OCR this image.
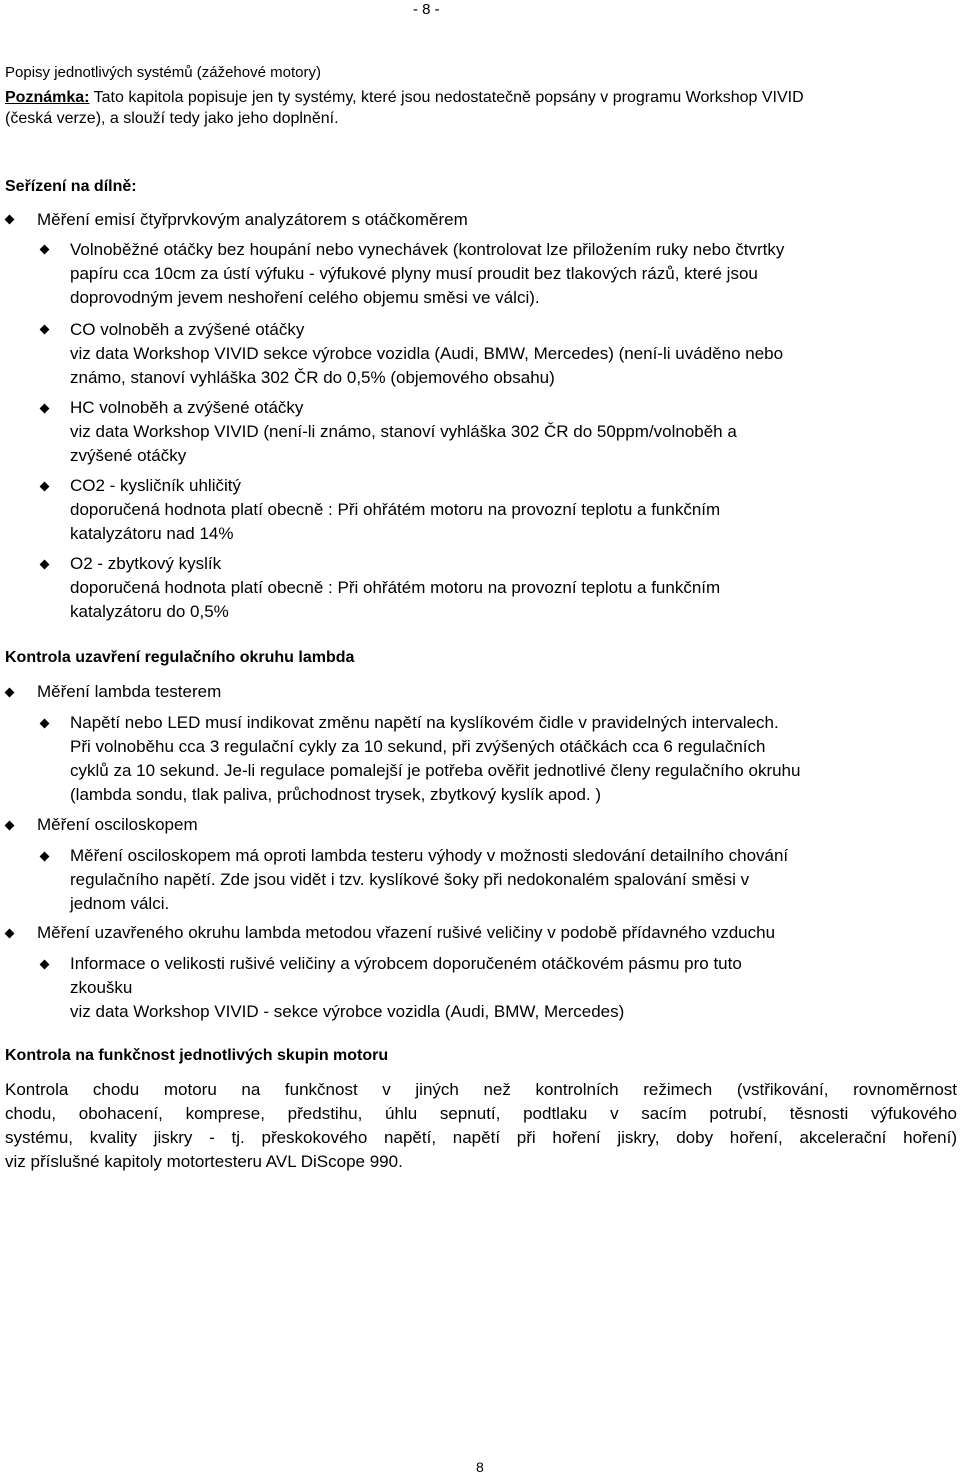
- 8 -
Popisy jednotlivých systémů (zážehové motory)
Poznámka: Tato kapitola popisuje jen ty systémy, které jsou nedostatečně popsány v programu Workshop VIVID
(česká verze), a slouží tedy jako jeho doplnění.
Seřízení na dílně:
Měření emisí čtyřprvkovým analyzátorem s otáčkoměrem
Volnoběžné otáčky bez houpání nebo vynechávek (kontrolovat lze přiložením ruky nebo čtvrtky
papíru cca 10cm za ústí výfuku - výfukové plyny musí proudit bez tlakových rázů, které jsou
doprovodným jevem neshoření celého objemu směsi ve válci).
CO volnoběh a zvýšené otáčky
viz data Workshop VIVID sekce výrobce vozidla (Audi, BMW, Mercedes) (není-li uváděno nebo
známo, stanoví vyhláška 302 ČR do 0,5% (objemového obsahu)
HC volnoběh a zvýšené otáčky
viz data Workshop VIVID (není-li známo, stanoví vyhláška 302 ČR do 50ppm/volnoběh a
zvýšené otáčky
CO2 - kysličník uhličitý
doporučená hodnota platí obecně : Při ohřátém motoru na provozní teplotu a funkčním
katalyzátoru nad 14%
O2 - zbytkový kyslík
doporučená hodnota platí obecně : Při ohřátém motoru na provozní teplotu a funkčním
katalyzátoru do 0,5%
Kontrola uzavření regulačního okruhu lambda
Měření lambda testerem
Napětí nebo LED musí indikovat změnu napětí na kyslíkovém čidle v pravidelných intervalech.
Při volnoběhu cca 3 regulační cykly za 10 sekund, při zvýšených otáčkách cca 6 regulačních
cyklů za 10 sekund. Je-li regulace pomalejší je potřeba ověřit jednotlivé členy regulačního okruhu
(lambda sondu, tlak paliva, průchodnost trysek, zbytkový kyslík apod. )
Měření osciloskopem
Měření osciloskopem má oproti lambda testeru výhody v možnosti sledování detailního chování
regulačního napětí. Zde jsou vidět i tzv. kyslíkové šoky při nedokonalém spalování směsi v
jednom válci.
Měření uzavřeného okruhu lambda metodou vřazení rušivé veličiny v podobě přídavného vzduchu
Informace o velikosti rušivé veličiny a výrobcem doporučeném otáčkovém pásmu pro tuto
zkoušku
viz data Workshop VIVID - sekce výrobce vozidla (Audi, BMW, Mercedes)
Kontrola na funkčnost jednotlivých skupin motoru
Kontrola chodu motoru na funkčnost v jiných než kontrolních režimech (vstřikování, rovnoměrnost
chodu, obohacení, komprese, předstihu, úhlu sepnutí, podtlaku v sacím potrubí, těsnosti výfukového
systému, kvality jiskry - tj. přeskokového napětí, napětí při hoření jiskry, doby hoření, akcelerační hoření)
viz příslušné kapitoly motortesteru AVL DiScope 990.
8
